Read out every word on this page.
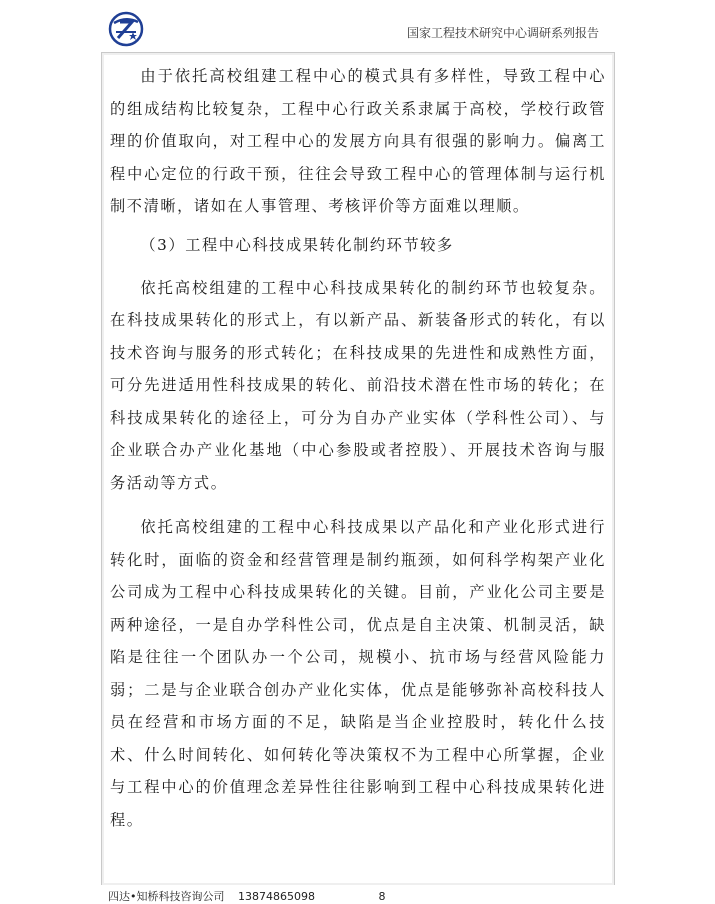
国家工程技术研究中心调研系列报告

由于依托高校组建工程中心的模式具有多样性，导致工程中心的组成结构比较复杂，工程中心行政关系隶属于高校，学校行政管理的价值取向，对工程中心的发展方向具有很强的影响力。偏离工程中心定位的行政干预，往往会导致工程中心的管理体制与运行机制不清晰，诸如在人事管理、考核评价等方面难以理顺。

（3）工程中心科技成果转化制约环节较多

依托高校组建的工程中心科技成果转化的制约环节也较复杂。在科技成果转化的形式上，有以新产品、新装备形式的转化，有以技术咨询与服务的形式转化；在科技成果的先进性和成熟性方面，可分先进适用性科技成果的转化、前沿技术潜在性市场的转化；在科技成果转化的途径上，可分为自办产业实体（学科性公司）、与企业联合办产业化基地（中心参股或者控股）、开展技术咨询与服务活动等方式。

依托高校组建的工程中心科技成果以产品化和产业化形式进行转化时，面临的资金和经营管理是制约瓶颈，如何科学构架产业化公司成为工程中心科技成果转化的关键。目前，产业化公司主要是两种途径，一是自办学科性公司，优点是自主决策、机制灵活，缺陷是往往一个团队办一个公司，规模小、抗市场与经营风险能力弱；二是与企业联合创办产业化实体，优点是能够弥补高校科技人员在经营和市场方面的不足，缺陷是当企业控股时，转化什么技术、什么时间转化、如何转化等决策权不为工程中心所掌握，企业与工程中心的价值理念差异性往往影响到工程中心科技成果转化进程。

四达•知桥科技咨询公司 13874865098	8
